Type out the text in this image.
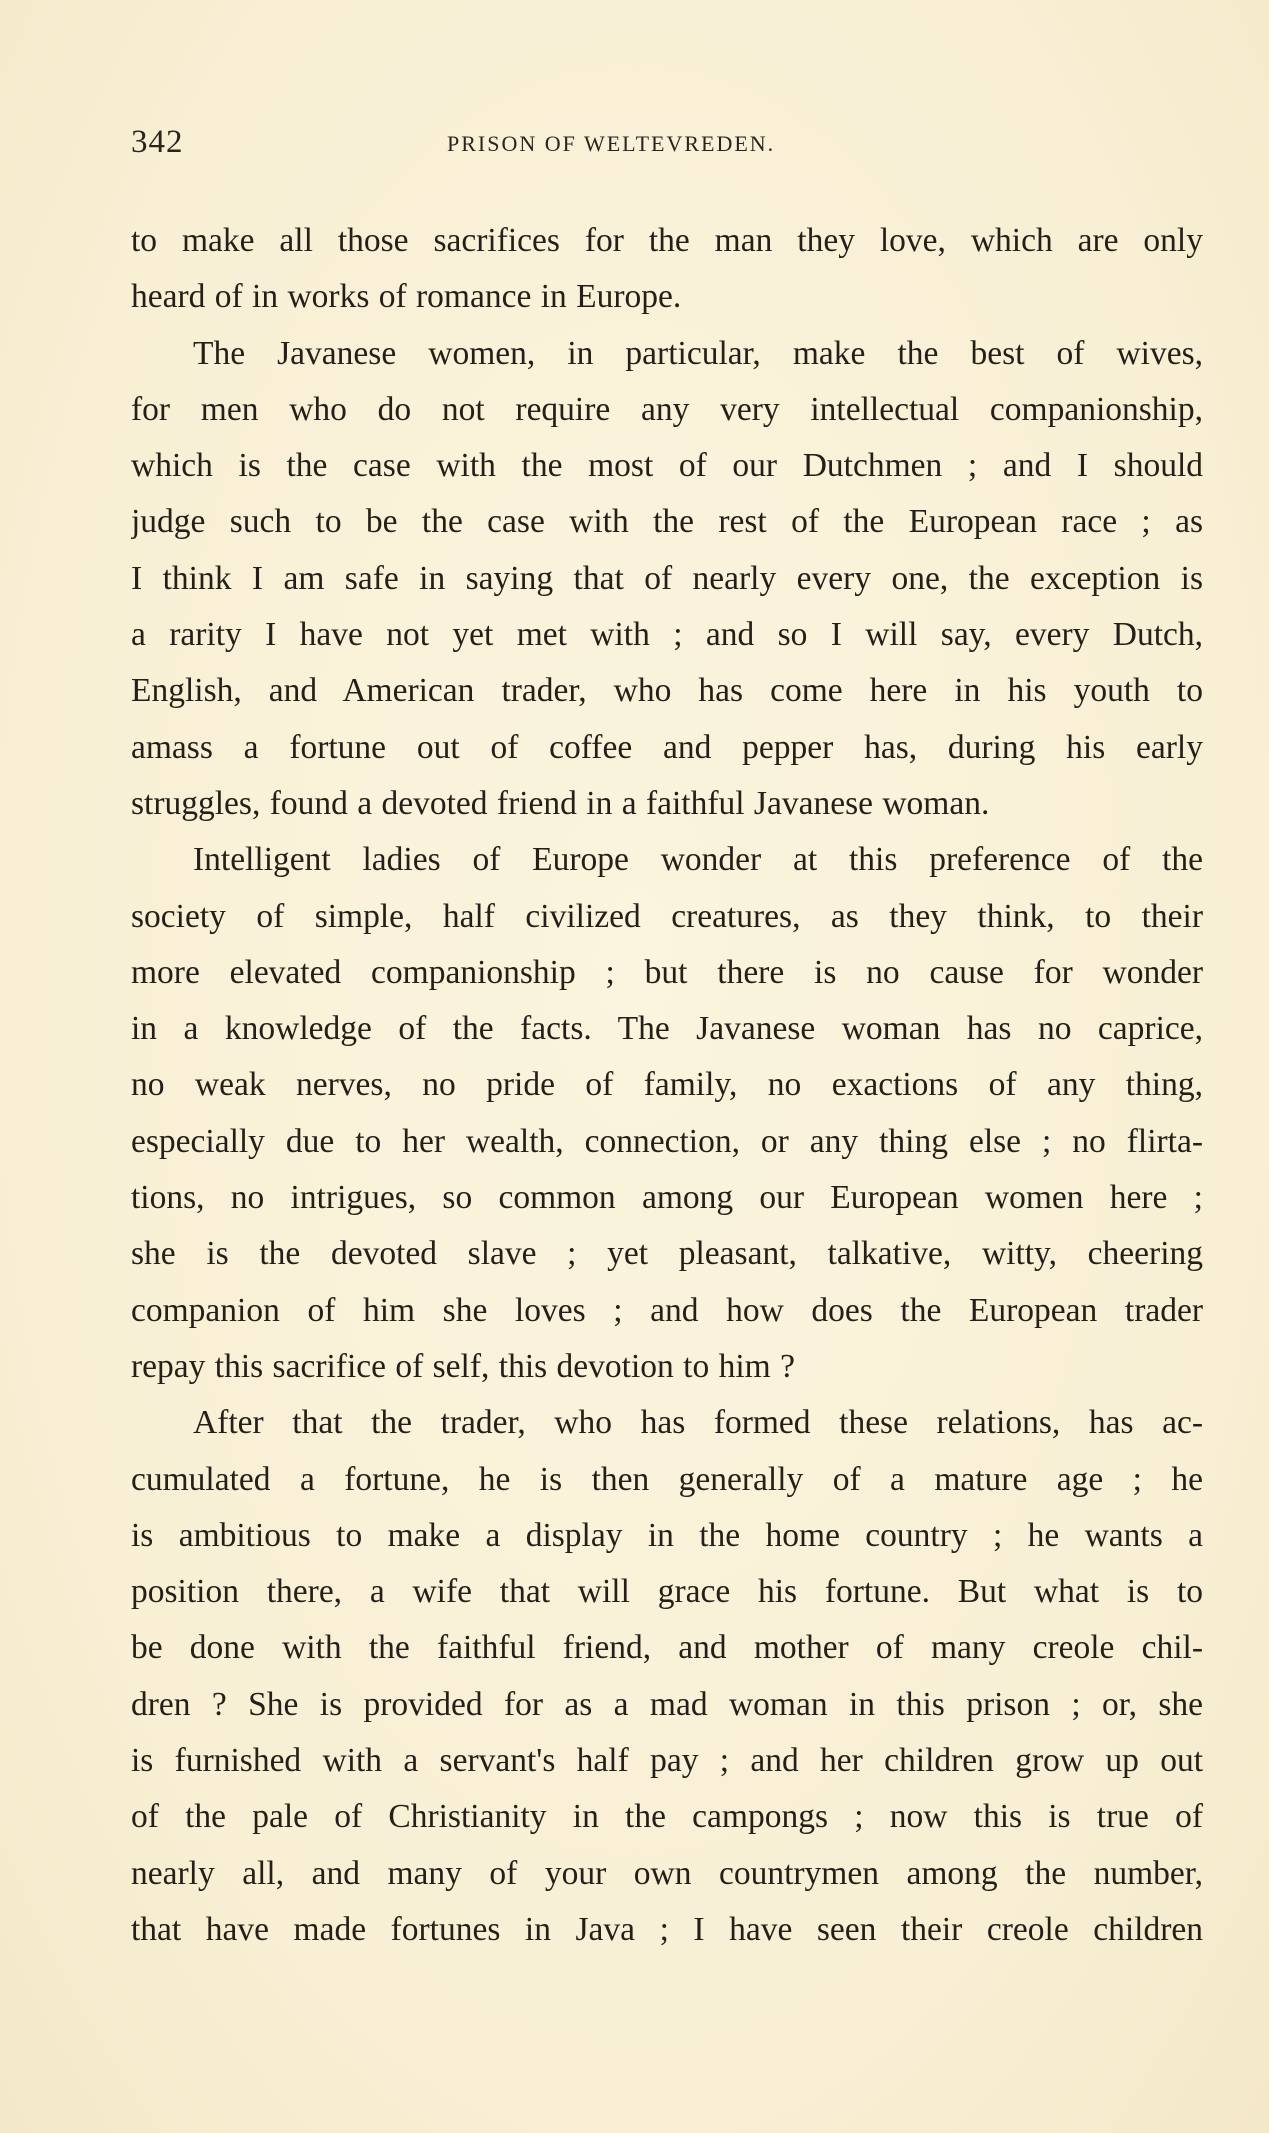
342	PRISON OF WELTEVREDEN.
to make all those sacrifices for the man they love, which are only
heard of in works of romance in Europe.
The Javanese women, in particular, make the best of wives,
for men who do not require any very intellectual companionship,
which is the case with the most of our Dutchmen ; and I should
judge such to be the case with the rest of the European race ; as
I think I am safe in saying that of nearly every one, the exception is
a rarity I have not yet met with ; and so I will say, every Dutch,
English, and American trader, who has come here in his youth to
amass a fortune out of coffee and pepper has, during his early
struggles, found a devoted friend in a faithful Javanese woman.
Intelligent ladies of Europe wonder at this preference of the
society of simple, half civilized creatures, as they think, to their
more elevated companionship ; but there is no cause for wonder
in a knowledge of the facts. The Javanese woman has no caprice,
no weak nerves, no pride of family, no exactions of any thing,
especially due to her wealth, connection, or any thing else ; no flirta-
tions, no intrigues, so common among our European women here ;
she is the devoted slave ; yet pleasant, talkative, witty, cheering
companion of him she loves ; and how does the European trader
repay this sacrifice of self, this devotion to him ?
After that the trader, who has formed these relations, has ac-
cumulated a fortune, he is then generally of a mature age ; he
is ambitious to make a display in the home country ; he wants a
position there, a wife that will grace his fortune. But what is to
be done with the faithful friend, and mother of many creole chil-
dren ? She is provided for as a mad woman in this prison ; or, she
is furnished with a servant's half pay ; and her children grow up out
of the pale of Christianity in the campongs ; now this is true of
nearly all, and many of your own countrymen among the number,
that have made fortunes in Java ; I have seen their creole children
